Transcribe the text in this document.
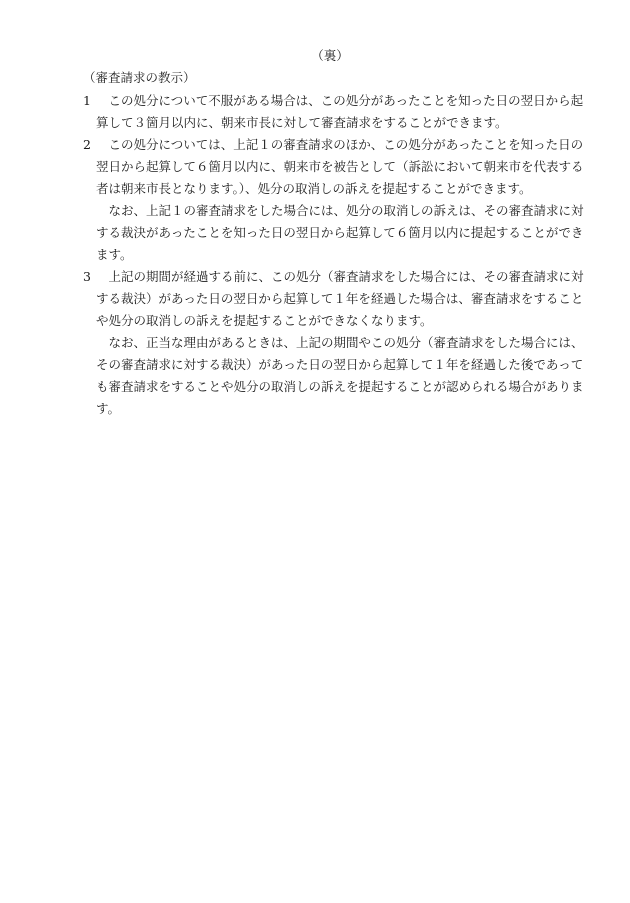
（裏）
（審査請求の教示）
1	この処分について不服がある場合は、この処分があったことを知った日の翌日から起算して３箇月以内に、朝来市長に対して審査請求をすることができます。
2	この処分については、上記１の審査請求のほか、この処分があったことを知った日の翌日から起算して６箇月以内に、朝来市を被告として（訴訟において朝来市を代表する者は朝来市長となります。）、処分の取消しの訴えを提起することができます。
なお、上記１の審査請求をした場合には、処分の取消しの訴えは、その審査請求に対する裁決があったことを知った日の翌日から起算して６箇月以内に提起することができます。
3	上記の期間が経過する前に、この処分（審査請求をした場合には、その審査請求に対する裁決）があった日の翌日から起算して１年を経過した場合は、審査請求をすることや処分の取消しの訴えを提起することができなくなります。
なお、正当な理由があるときは、上記の期間やこの処分（審査請求をした場合には、その審査請求に対する裁決）があった日の翌日から起算して１年を経過した後であっても審査請求をすることや処分の取消しの訴えを提起することが認められる場合があります。
